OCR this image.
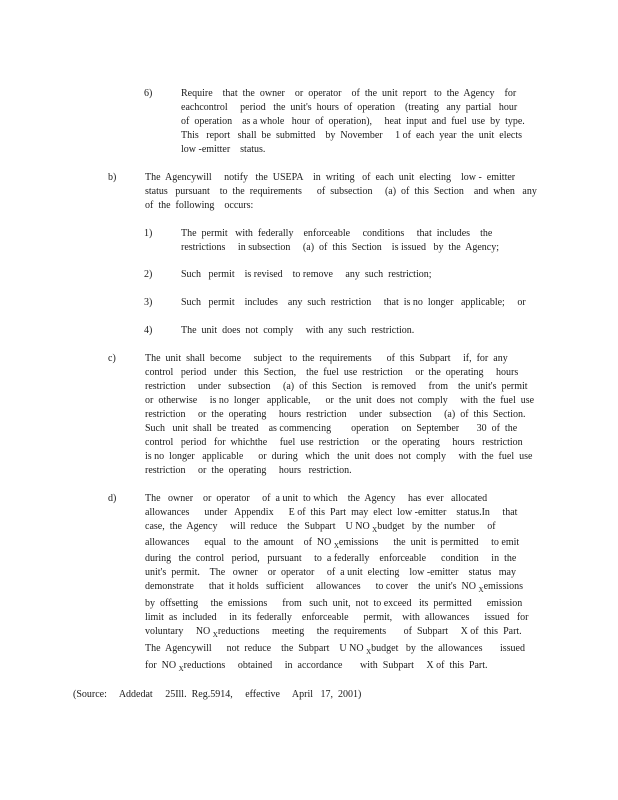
6)	Require    that  the  owner    or  operator    of  the  unit  report   to  the  Agency    for
eachcontrol     period   the  unit's  hours  of  operation    (treating   any  partial   hour
of  operation    as a whole   hour  of  operation),     heat  input  and  fuel  use  by  type.
This   report   shall  be  submitted    by  November     1 of  each  year  the  unit  elects
low -emitter    status.
b)	The  Agencywill     notify   the  USEPA    in  writing   of  each  unit  electing    low -  emitter
status   pursuant    to  the  requirements      of  subsection     (a)  of  this  Section    and  when   any
of  the  following    occurs:
1)	The  permit   with  federally    enforceable     conditions     that  includes    the
restrictions     in subsection     (a)  of  this  Section    is issued   by  the  Agency;
2)	Such   permit    is revised    to remove     any  such  restriction;
3)	Such   permit    includes    any  such  restriction     that  is no  longer   applicable;     or
4)	The  unit  does  not  comply     with  any  such  restriction.
c)	The  unit  shall  become     subject   to  the  requirements      of  this  Subpart     if,  for  any
control   period   under   this  Section,    the  fuel  use  restriction     or  the  operating     hours
restriction     under   subsection     (a)  of  this  Section    is removed     from    the  unit's  permit
or  otherwise     is no  longer   applicable,      or  the  unit  does  not  comply     with  the  fuel  use
restriction     or  the  operating     hours  restriction     under   subsection     (a)  of  this  Section.
Such   unit  shall  be  treated    as commencing        operation     on  September       30  of  the
control   period   for  whichthe     fuel  use  restriction     or  the  operating     hours   restriction
is no  longer   applicable      or  during   which   the  unit  does  not  comply     with  the  fuel  use
restriction     or  the  operating     hours   restriction.
d)	The   owner    or  operator     of  a unit  to which    the  Agency     has  ever   allocated
allowances      under   Appendix      E of  this  Part  may  elect  low -emitter    status.In     that
case,  the  Agency     will  reduce    the  Subpart    U NO $_X$budget   by  the  number     of
allowances      equal   to  the  amount    of  NO $_X$emissions      the  unit  is permitted     to emit
during   the  control   period,   pursuant     to  a federally    enforceable      condition     in  the
unit's  permit.    The   owner    or  operator     of  a unit  electing    low -emitter    status   may
demonstrate      that  it holds   sufficient     allowances      to cover    the  unit's  NO $_X$emissions
by  offsetting     the  emissions      from   such  unit,  not  to exceed   its  permitted      emission
limit  as  included     in  its  federally    enforceable      permit,    with  allowances      issued   for
voluntary     NO $_X$reductions     meeting     the  requirements       of  Subpart     X of  this  Part.
The  Agencywill      not  reduce    the  Subpart    U NO $_X$budget   by  the  allowances       issued
for  NO $_X$reductions     obtained     in  accordance       with  Subpart     X of  this  Part.
(Source:     Addedat     25Ill.  Reg.5914,     effective     April   17,  2001)
